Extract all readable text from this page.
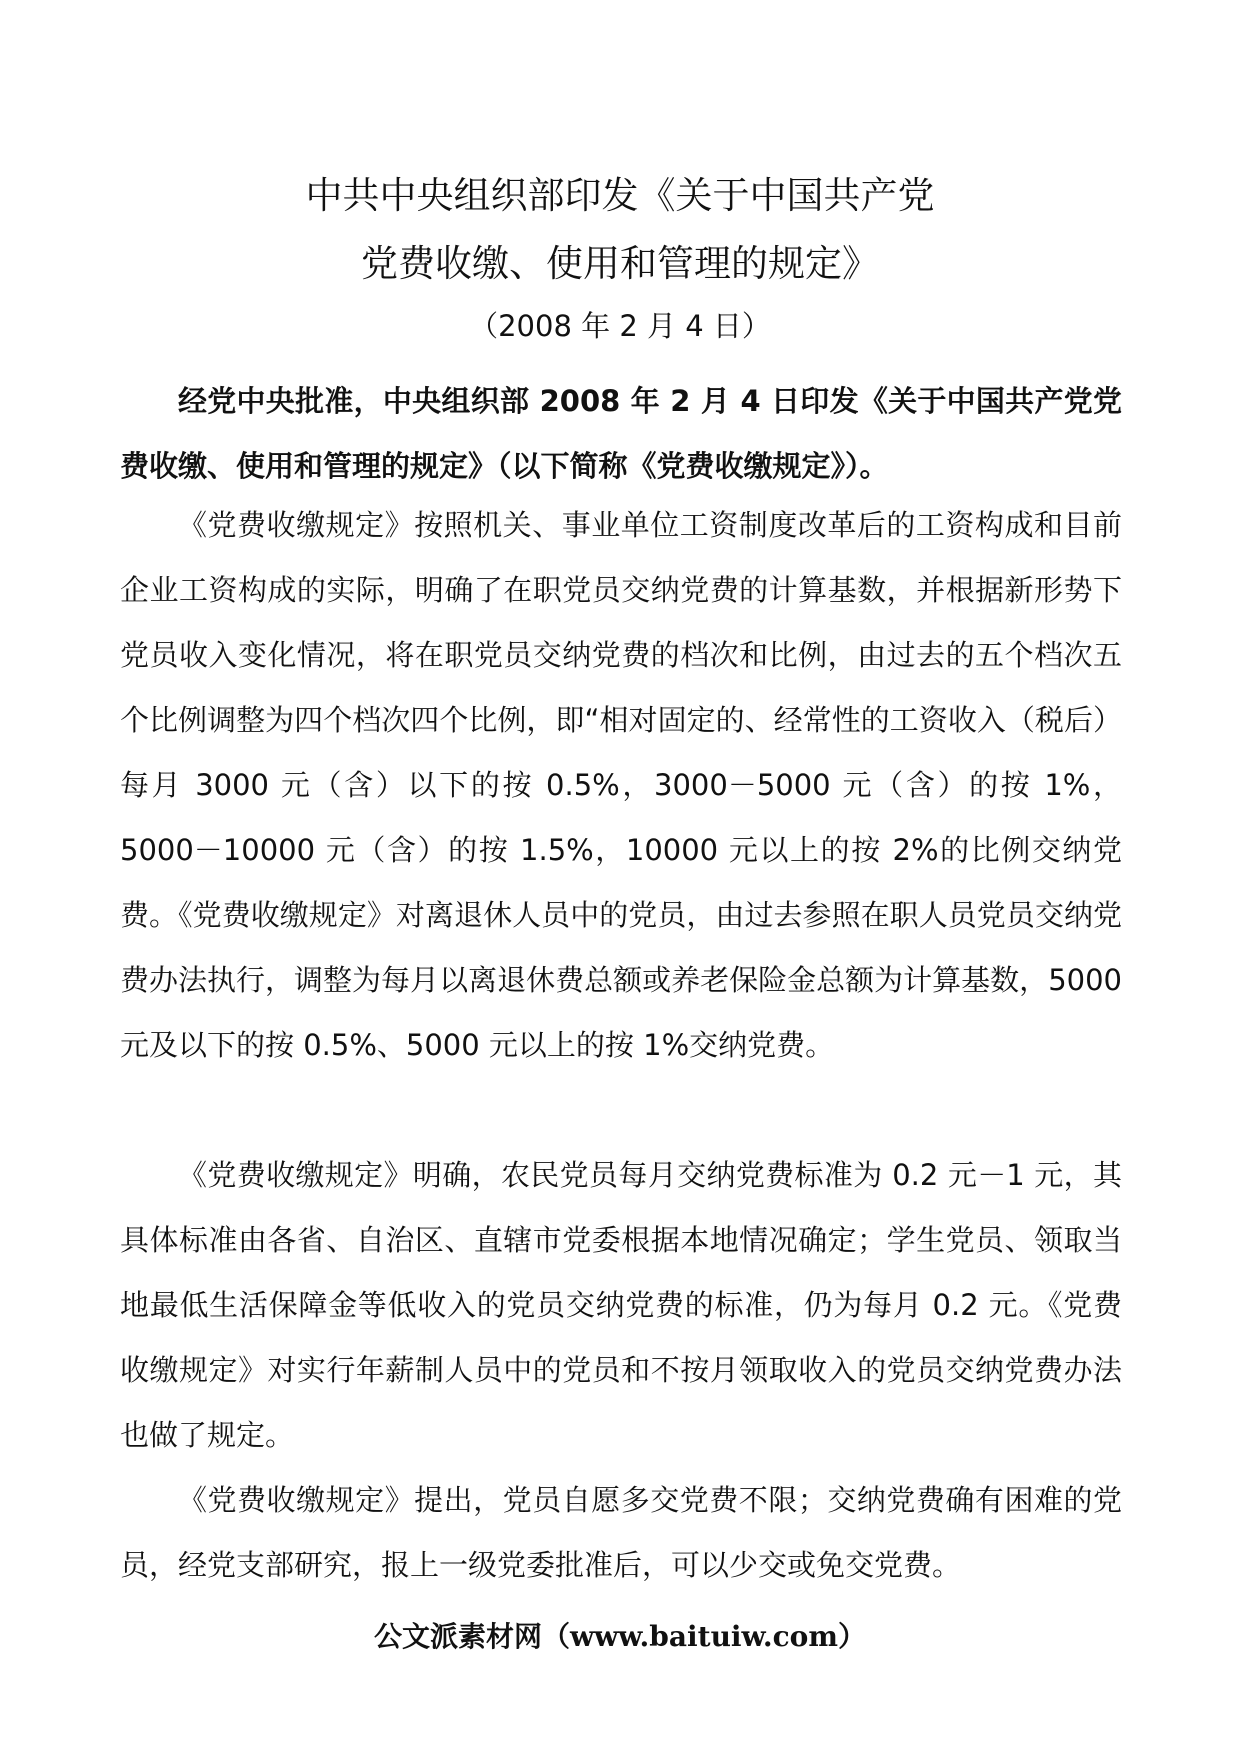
中共中央组织部印发《关于中国共产党
党费收缴、使用和管理的规定》
（2008 年 2 月 4 日）

经党中央批准，中央组织部 2008 年 2 月 4 日印发《关于中国共产党党费收缴、使用和管理的规定》（以下简称《党费收缴规定》）。

《党费收缴规定》按照机关、事业单位工资制度改革后的工资构成和目前企业工资构成的实际，明确了在职党员交纳党费的计算基数，并根据新形势下党员收入变化情况，将在职党员交纳党费的档次和比例，由过去的五个档次五个比例调整为四个档次四个比例，即“相对固定的、经常性的工资收入（税后）每月 3000 元（含）以下的按 0.5%，3000－5000 元（含）的按 1%，5000－10000 元（含）的按 1.5%，10000 元以上的按 2%的比例交纳党费。《党费收缴规定》对离退休人员中的党员，由过去参照在职人员党员交纳党费办法执行，调整为每月以离退休费总额或养老保险金总额为计算基数，5000 元及以下的按 0.5%、5000 元以上的按 1%交纳党费。

《党费收缴规定》明确，农民党员每月交纳党费标准为 0.2 元－1 元，其具体标准由各省、自治区、直辖市党委根据本地情况确定；学生党员、领取当地最低生活保障金等低收入的党员交纳党费的标准，仍为每月 0.2 元。《党费收缴规定》对实行年薪制人员中的党员和不按月领取收入的党员交纳党费办法也做了规定。

《党费收缴规定》提出，党员自愿多交党费不限；交纳党费确有困难的党员，经党支部研究，报上一级党委批准后，可以少交或免交党费。

公文派素材网（www.baituiw.com）
